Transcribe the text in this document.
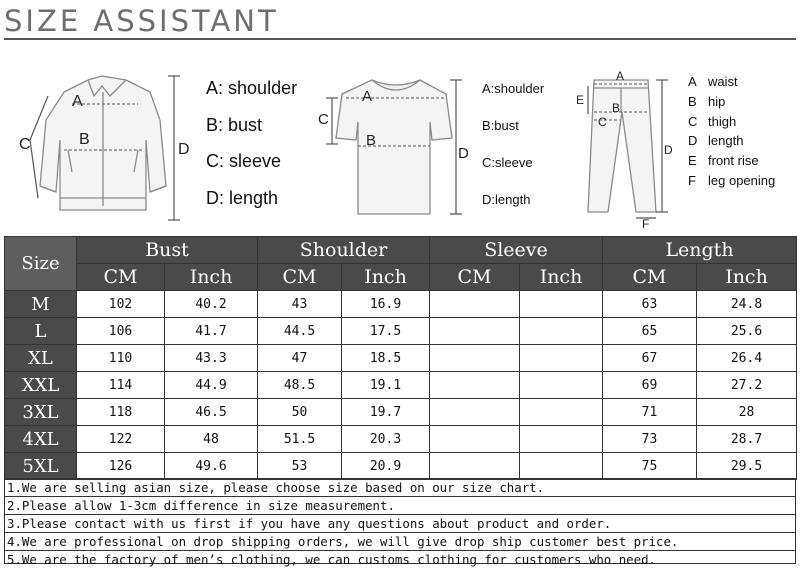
SIZE ASSISTANT
A
B
C	D
A
B
C
D
A
B
C
D
E
F
A: shoulder
B: bust
C: sleeve
D: length
A:shoulder
B:bust
C:sleeve
D:length
A waist
B hip
C thigh
D length
E front rise
F leg opening
Size	Bust		Shoulder		Sleeve		Length	
	CM	Inch	CM	Inch	CM	Inch	CM	Inch
M	102	40.2	43	16.9			63	24.8
L	106	41.7	44.5	17.5			65	25.6
XL	110	43.3	47	18.5			67	26.4
XXL	114	44.9	48.5	19.1			69	27.2
3XL	118	46.5	50	19.7			71	28
4XL	122	48	51.5	20.3			73	28.7
5XL	126	49.6	53	20.9			75	29.5
1.We are selling asian size, please choose size based on our size chart.
2.Please allow 1-3cm difference in size measurement.
3.Please contact with us first if you have any questions about product and order.
4.We are professional on drop shipping orders, we will give drop ship customer best price.
5.We are the factory of men’s clothing, we can customs clothing for customers who need.
